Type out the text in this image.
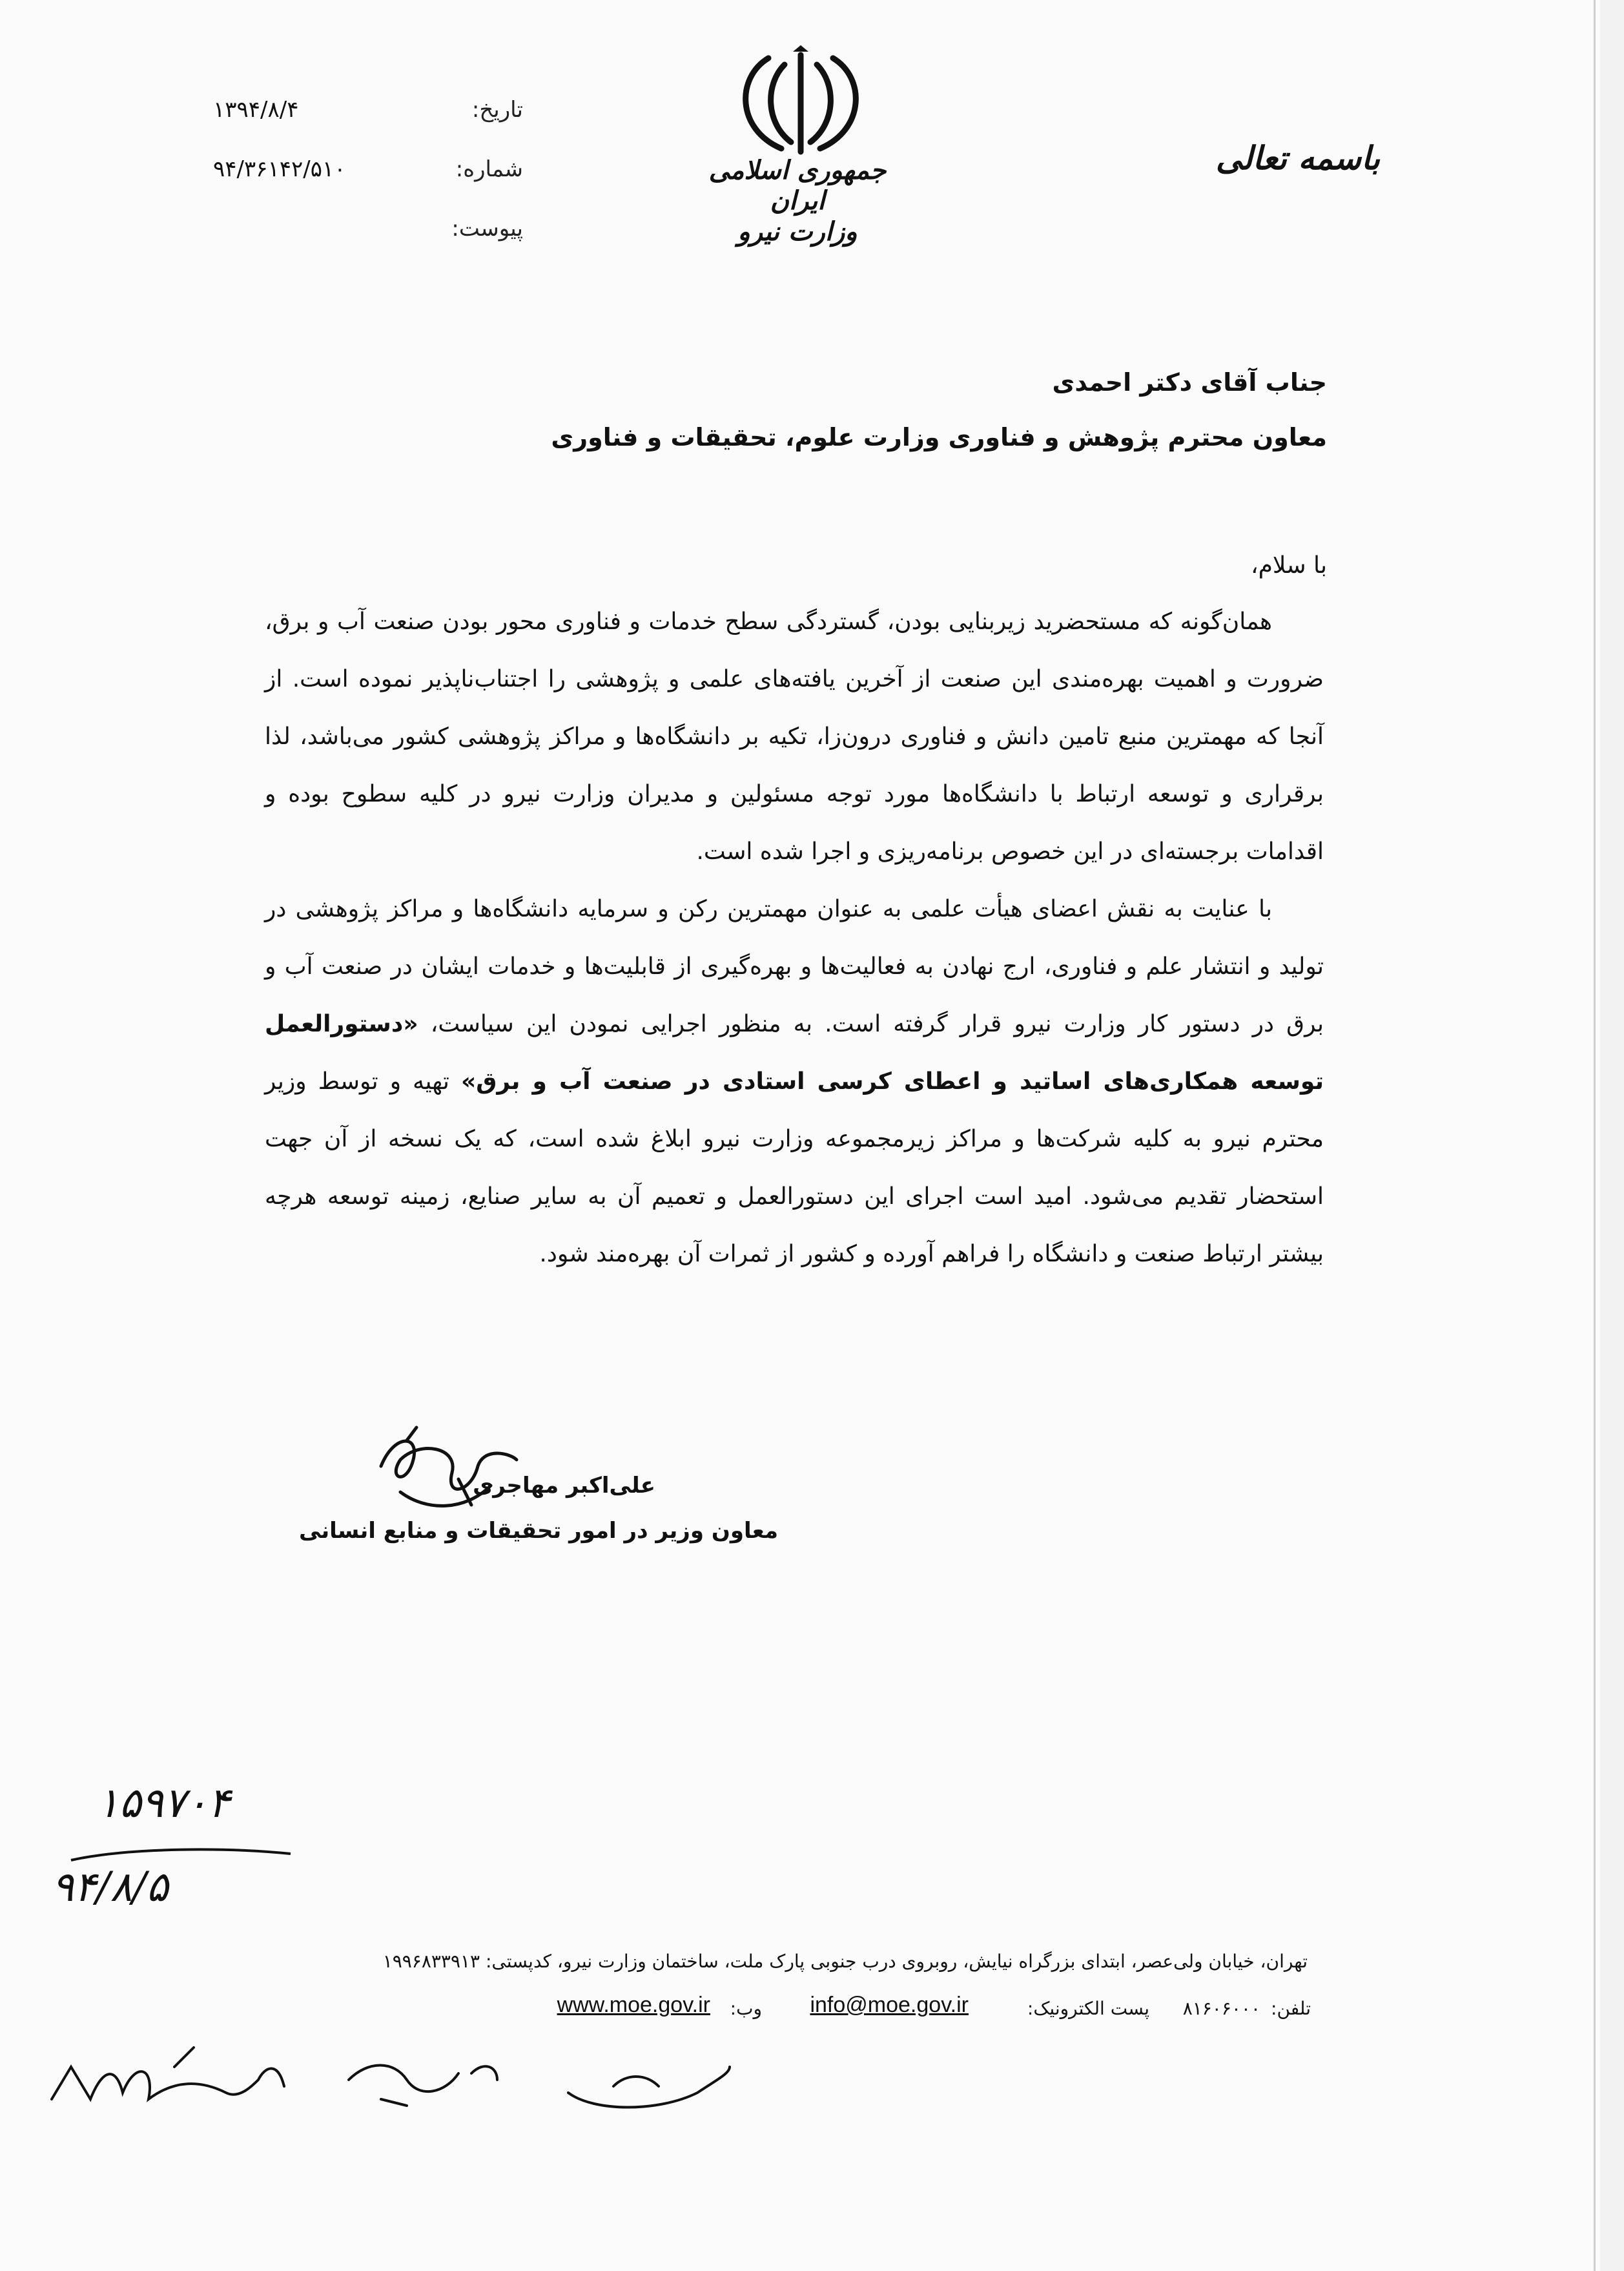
تاریخ:
۱۳۹۴/۸/۴
شماره:
۹۴/۳۶۱۴۲/۵۱۰
پیوست:
جمهوری اسلامی ایران
وزارت نیرو
باسمه تعالی
جناب آقای دکتر احمدی
معاون محترم پژوهش و فناوری وزارت علوم، تحقیقات و فناوری
با سلام،

همان‌گونه که مستحضرید زیربنایی بودن، گستردگی سطح خدمات و فناوری محور بودن صنعت آب و برق، ضرورت و اهمیت بهره‌مندی این صنعت از آخرین یافته‌های علمی و پژوهشی را اجتناب‌ناپذیر نموده است. از آنجا که مهمترین منبع تامین دانش و فناوری درون‌زا، تکیه بر دانشگاه‌ها و مراکز پژوهشی کشور می‌باشد، لذا برقراری و توسعه ارتباط با دانشگاه‌ها مورد توجه مسئولین و مدیران وزارت نیرو در کلیه سطوح بوده و اقدامات برجسته‌ای در این خصوص برنامه‌ریزی و اجرا شده است.

با عنایت به نقش اعضای هیأت علمی به عنوان مهمترین رکن و سرمایه دانشگاه‌ها و مراکز پژوهشی در تولید و انتشار علم و فناوری، ارج نهادن به فعالیت‌ها و بهره‌گیری از قابلیت‌ها و خدمات ایشان در صنعت آب و برق در دستور کار وزارت نیرو قرار گرفته است. به منظور اجرایی نمودن این سیاست، «دستورالعمل توسعه همکاری‌های اساتید و اعطای کرسی استادی در صنعت آب و برق» تهیه و توسط وزیر محترم نیرو به کلیه شرکت‌ها و مراکز زیرمجموعه وزارت نیرو ابلاغ شده است، که یک نسخه از آن جهت استحضار تقدیم می‌شود. امید است اجرای این دستورالعمل و تعمیم آن به سایر صنایع، زمینه توسعه هرچه بیشتر ارتباط صنعت و دانشگاه را فراهم آورده و کشور از ثمرات آن بهره‌مند شود.

علی‌اکبر مهاجری
معاون وزیر در امور تحقیقات و منابع انسانی
۱۵۹۷۰۴
۹۴/۸/۵
تهران، خیابان ولی‌عصر، ابتدای بزرگراه نیایش، روبروی درب جنوبی پارک ملت، ساختمان وزارت نیرو، کدپستی: ۱۹۹۶۸۳۳۹۱۳
تلفن:
۸۱۶۰۶۰۰۰
پست الکترونیک:
info@moe.gov.ir
وب:
www.moe.gov.ir
